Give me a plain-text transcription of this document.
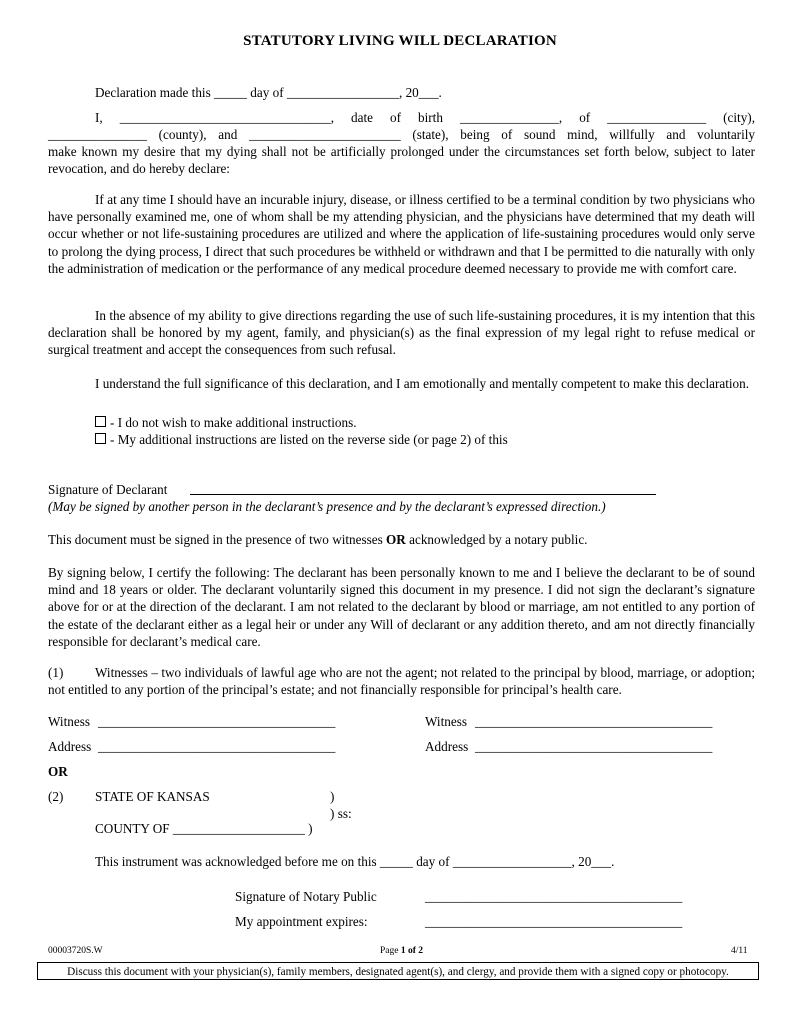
STATUTORY LIVING WILL DECLARATION
Declaration made this _____ day of _________________, 20___.
I, ________________________________, date of birth _______________, of _______________ (city),
_______________ (county), and _______________________ (state), being of sound mind, willfully and voluntarily
make known my desire that my dying shall not be artificially prolonged under the circumstances set forth below, subject to later revocation, and do hereby declare:
If at any time I should have an incurable injury, disease, or illness certified to be a terminal condition by two physicians who have personally examined me, one of whom shall be my attending physician, and the physicians have determined that my death will occur whether or not life-sustaining procedures are utilized and where the application of life-sustaining procedures would only serve to prolong the dying process, I direct that such procedures be withheld or withdrawn and that I be permitted to die naturally with only the administration of medication or the performance of any medical procedure deemed necessary to provide me with comfort care.
In the absence of my ability to give directions regarding the use of such life-sustaining procedures, it is my intention that this declaration shall be honored by my agent, family, and physician(s) as the final expression of my legal right to refuse medical or surgical treatment and accept the consequences from such refusal.
I understand the full significance of this declaration, and I am emotionally and mentally competent to make this declaration.
- I do not wish to make additional instructions.
- My additional instructions are listed on the reverse side (or page 2) of this
Signature of Declarant
(May be signed by another person in the declarant’s presence and by the declarant’s expressed direction.)
This document must be signed in the presence of two witnesses OR acknowledged by a notary public.
By signing below, I certify the following: The declarant has been personally known to me and I believe the declarant to be of sound mind and 18 years or older. The declarant voluntarily signed this document in my presence. I did not sign the declarant’s signature above for or at the direction of the declarant. I am not related to the declarant by blood or marriage, am not entitled to any portion of the estate of the declarant either as a legal heir or under any Will of declarant or any addition thereto, and am not directly financially responsible for declarant’s medical care.
(1)	Witnesses – two individuals of lawful age who are not the agent; not related to the principal by blood, marriage, or adoption; not entitled to any portion of the principal’s estate; and not financially responsible for principal’s health care.
Witness ____________________________________	Witness ____________________________________
Address ____________________________________	Address ____________________________________
OR
(2) STATE OF KANSAS	)
) ss:
COUNTY OF ____________________ )
This instrument was acknowledged before me on this _____ day of __________________, 20___.
Signature of Notary Public	_______________________________________
My appointment expires:	_______________________________________
00003720S.W	Page 1 of 2	4/11
Discuss this document with your physician(s), family members, designated agent(s), and clergy, and provide them with a signed copy or photocopy.
